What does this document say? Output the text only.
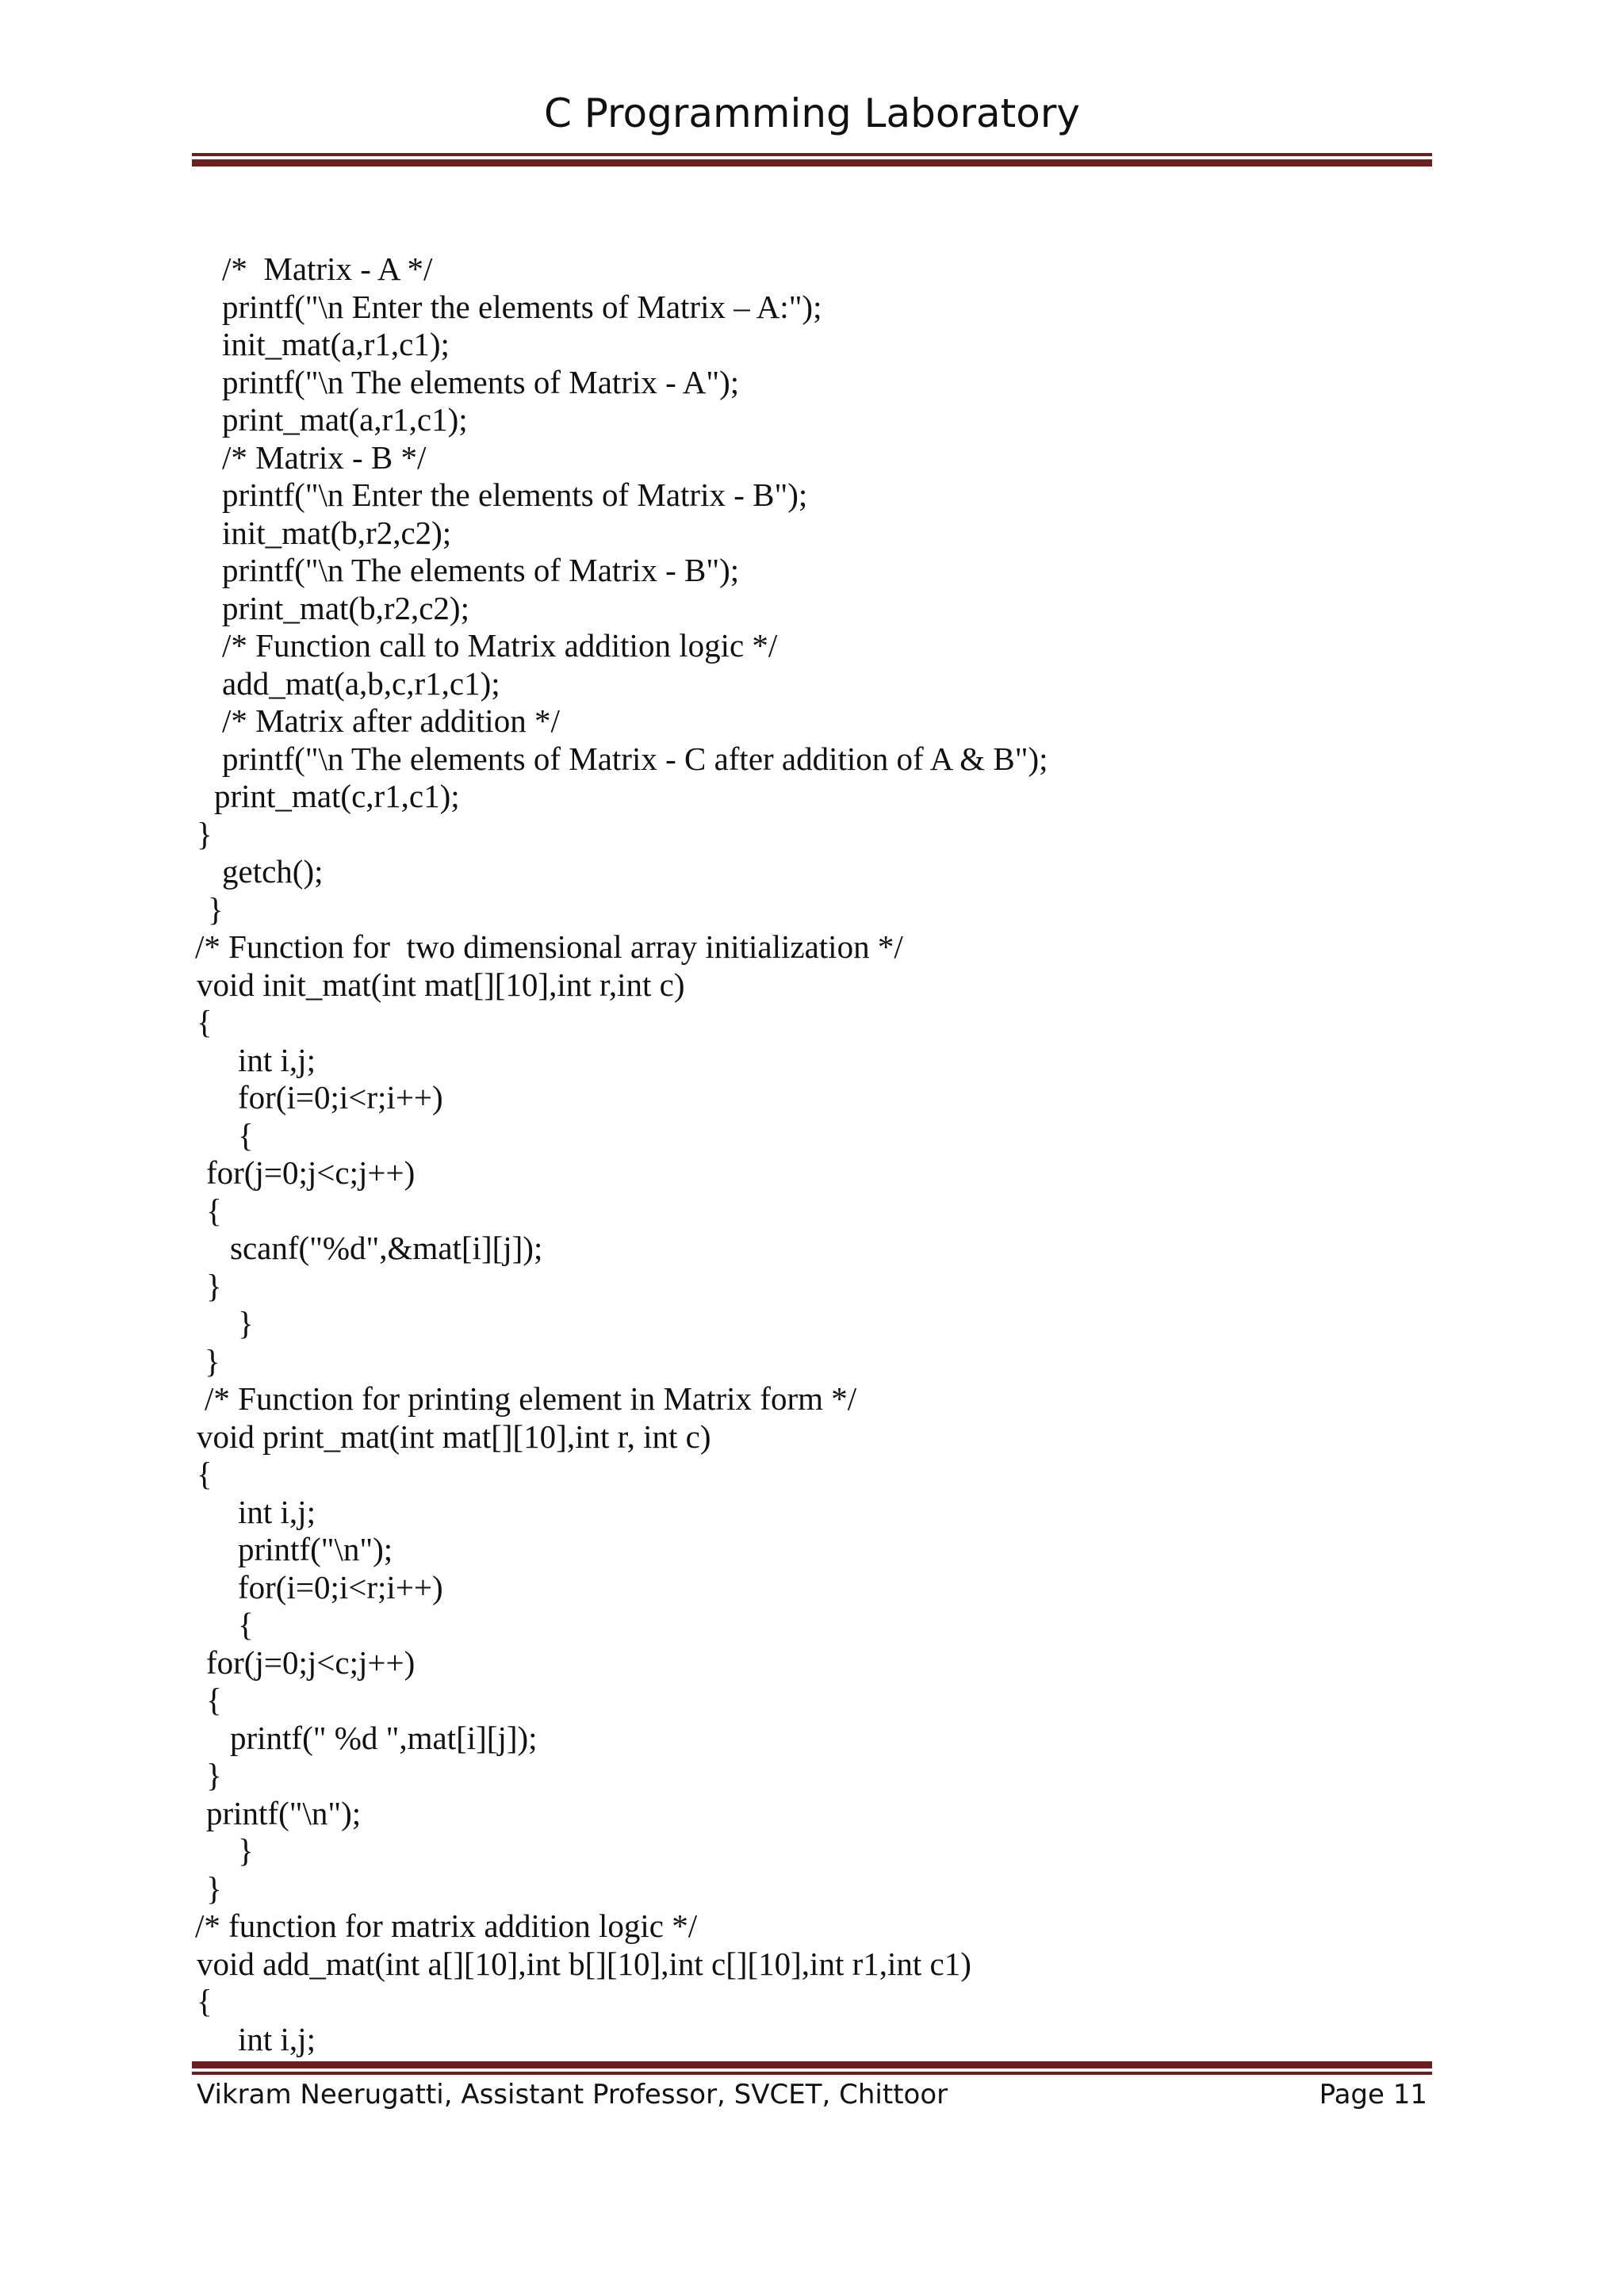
C Programming Laboratory

/*  Matrix - A */

printf("\n Enter the elements of Matrix – A:");

init_mat(a,r1,c1);

printf("\n The elements of Matrix - A");

print_mat(a,r1,c1);

/* Matrix - B */

printf("\n Enter the elements of Matrix - B");

init_mat(b,r2,c2);

printf("\n The elements of Matrix - B");

print_mat(b,r2,c2);

/* Function call to Matrix addition logic */

add_mat(a,b,c,r1,c1);

/* Matrix after addition */

printf("\n The elements of Matrix - C after addition of A & B");

print_mat(c,r1,c1);

}

getch();

}

/* Function for  two dimensional array initialization */

void init_mat(int mat[][10],int r,int c)

{

int i,j;

for(i=0;i<r;i++)

{

for(j=0;j<c;j++)

{

scanf("%d",&mat[i][j]);

}

}

}

/* Function for printing element in Matrix form */

void print_mat(int mat[][10],int r, int c)

{

int i,j;

printf("\n");

for(i=0;i<r;i++)

{

for(j=0;j<c;j++)

{

printf(" %d ",mat[i][j]);

}

printf("\n");

}

}

/* function for matrix addition logic */

void add_mat(int a[][10],int b[][10],int c[][10],int r1,int c1)

{

int i,j;

Vikram Neerugatti, Assistant Professor, SVCET, Chittoor	Page 11
